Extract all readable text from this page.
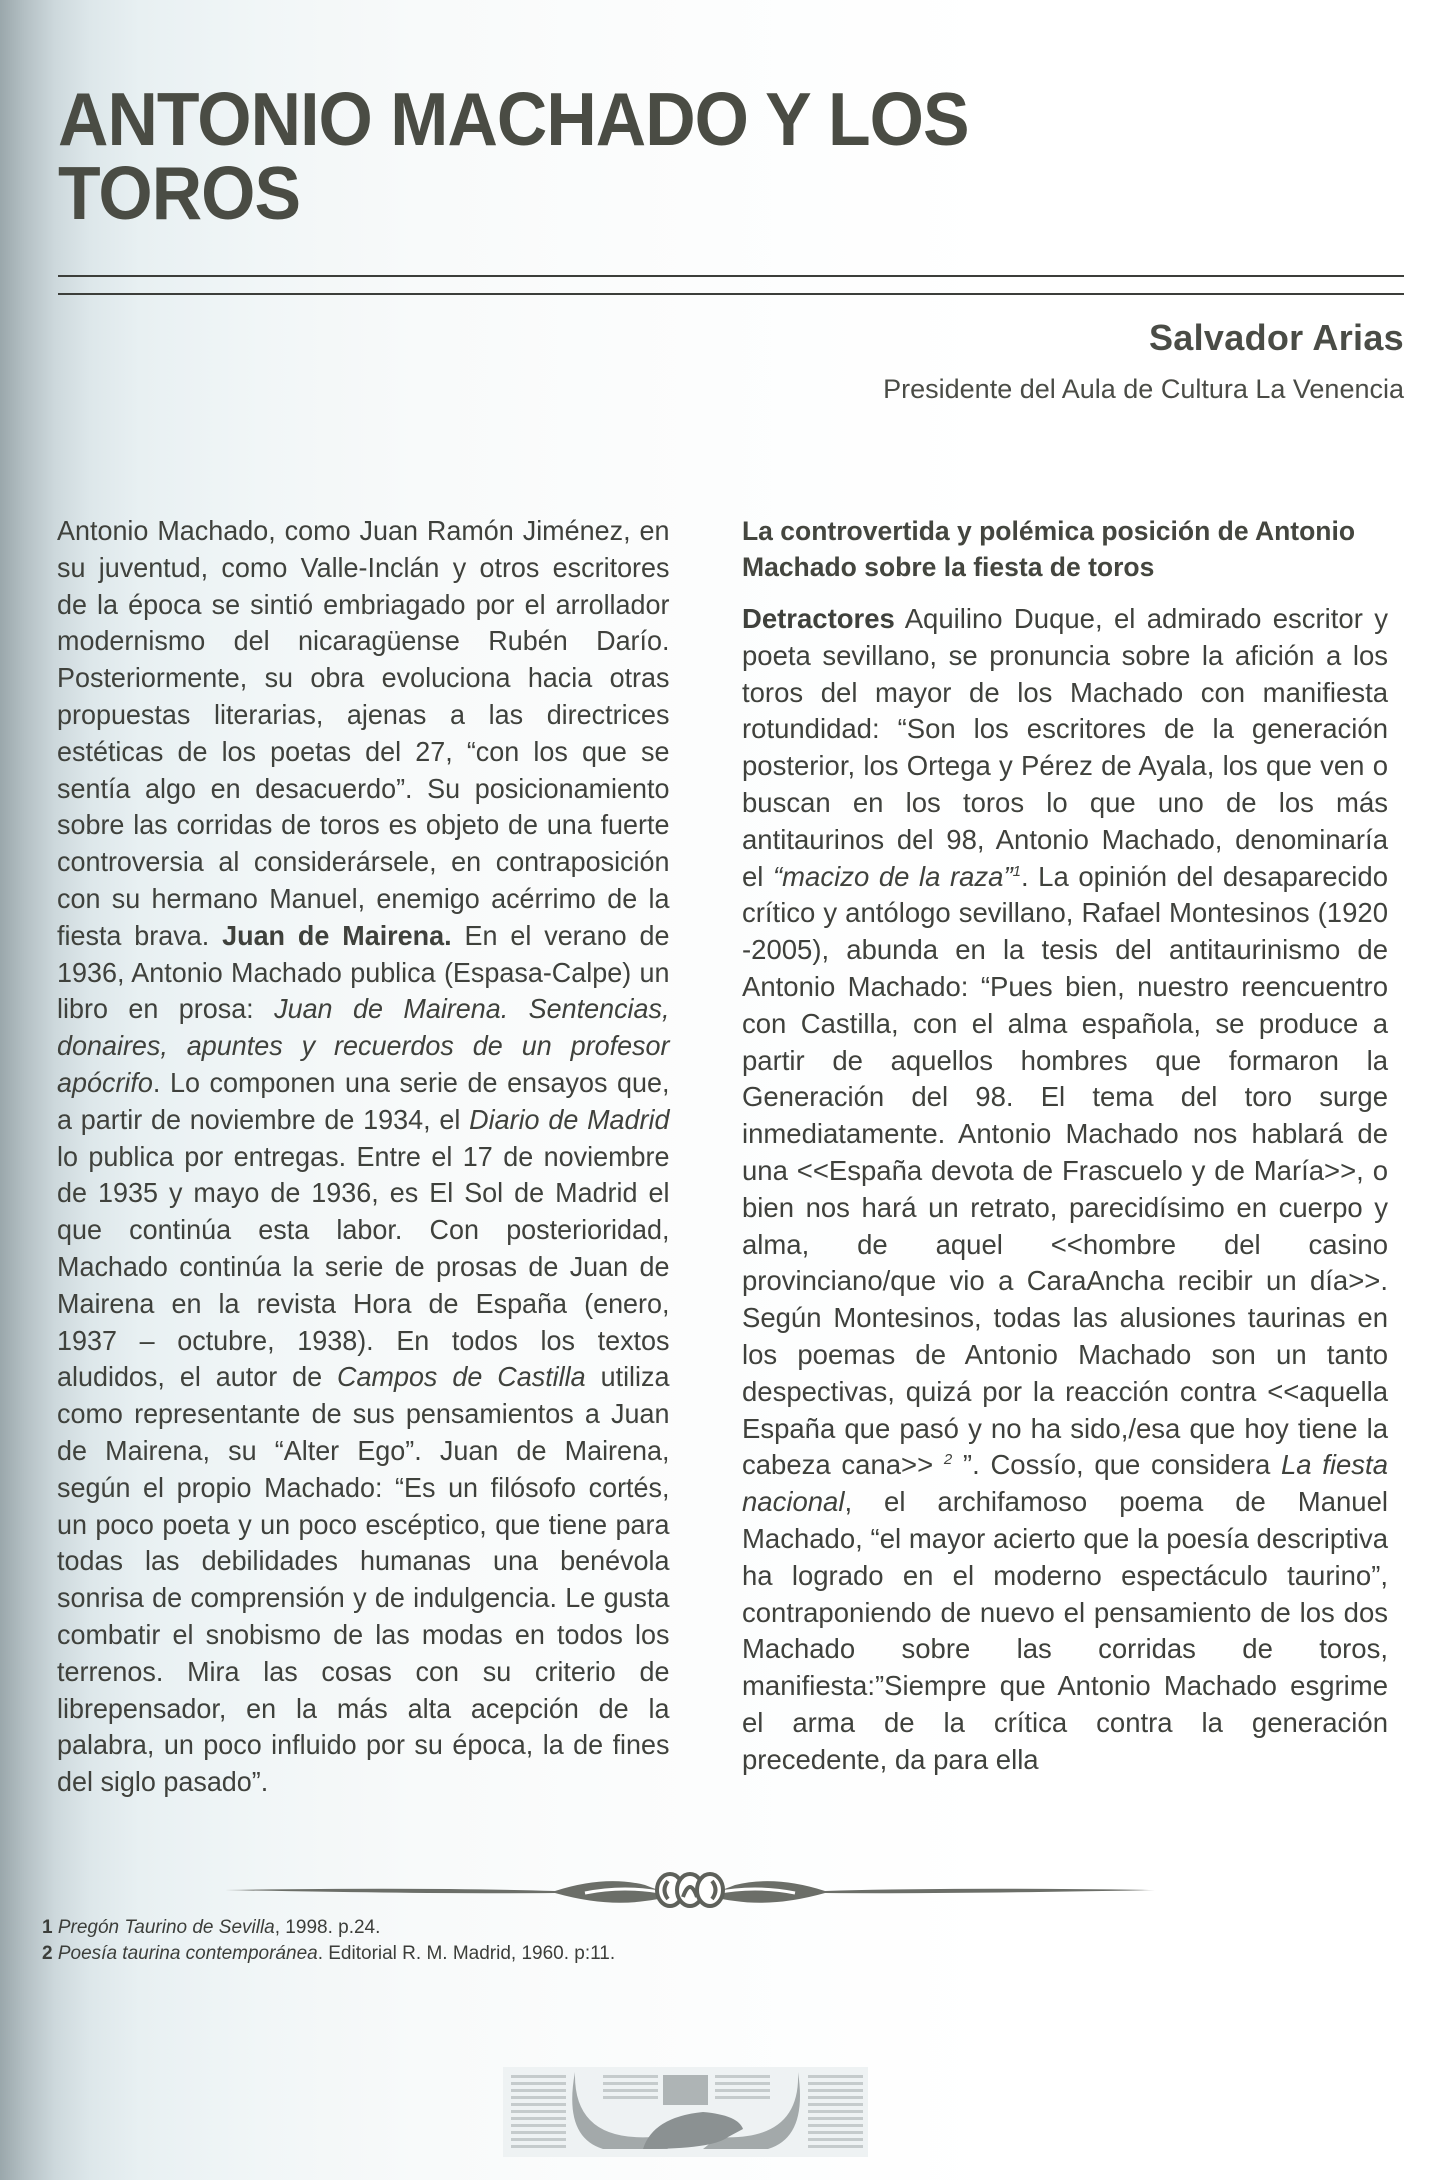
ANTONIO MACHADO Y LOS
TOROS

Salvador Arias

Presidente del Aula de Cultura La Venencia

Antonio Machado, como Juan Ramón Jiménez, en su juventud, como Valle-Inclán y otros escritores de la época se sintió embriagado por el arrollador modernismo del nicaragüense Rubén Darío. Posteriormente, su obra evoluciona hacia otras propuestas literarias, ajenas a las directrices estéticas de los poetas del 27, “con los que se sentía algo en desacuerdo”. Su posicionamiento sobre las corridas de toros es objeto de una fuerte controversia al considerársele, en contraposición con su hermano Manuel, enemigo acérrimo de la fiesta brava. Juan de Mairena. En el verano de 1936, Antonio Machado publica (Espasa-Calpe) un libro en prosa: Juan de Mairena. Sentencias, donaires, apuntes y recuerdos de un profesor apócrifo. Lo componen una serie de ensayos que, a partir de noviembre de 1934, el Diario de Madrid lo publica por entregas. Entre el 17 de noviembre de 1935 y mayo de 1936, es El Sol de Madrid el que continúa esta labor. Con posterioridad, Machado continúa la serie de prosas de Juan de Mairena en la revista Hora de España (enero, 1937 – octubre, 1938). En todos los textos aludidos, el autor de Campos de Castilla utiliza como representante de sus pensamientos a Juan de Mairena, su “Alter Ego”. Juan de Mairena, según el propio Machado: “Es un filósofo cortés, un poco poeta y un poco escéptico, que tiene para todas las debilidades humanas una benévola sonrisa de comprensión y de indulgencia. Le gusta combatir el snobismo de las modas en todos los terrenos. Mira las cosas con su criterio de librepensador, en la más alta acepción de la palabra, un poco influido por su época, la de fines del siglo pasado”.

La controvertida y polémica posición de Antonio Machado sobre la fiesta de toros

Detractores Aquilino Duque, el admirado escritor y poeta sevillano, se pronuncia sobre la afición a los toros del mayor de los Machado con manifiesta rotundidad: “Son los escritores de la generación posterior, los Ortega y Pérez de Ayala, los que ven o buscan en los toros lo que uno de los más antitaurinos del 98, Antonio Machado, denominaría el “macizo de la raza”$^1$. La opinión del desaparecido crítico y antólogo sevillano, Rafael Montesinos (1920 -2005), abunda en la tesis del antitaurinismo de Antonio Machado: “Pues bien, nuestro reencuentro con Castilla, con el alma española, se produce a partir de aquellos hombres que formaron la Generación del 98. El tema del toro surge inmediatamente. Antonio Machado nos hablará de una <<España devota de Frascuelo y de María>>, o bien nos hará un retrato, parecidísimo en cuerpo y alma, de aquel <<hombre del casino provinciano/que vio a CaraAncha recibir un día>>. Según Montesinos, todas las alusiones taurinas en los poemas de Antonio Machado son un tanto despectivas, quizá por la reacción contra <<aquella España que pasó y no ha sido,/esa que hoy tiene la cabeza cana>> $^2$ ”. Cossío, que considera La fiesta nacional, el archifamoso poema de Manuel Machado, “el mayor acierto que la poesía descriptiva ha logrado en el moderno espectáculo taurino”, contraponiendo de nuevo el pensamiento de los dos Machado sobre las corridas de toros, manifiesta:”Siempre que Antonio Machado esgrime el arma de la crítica contra la generación precedente, da para ella

1 Pregón Taurino de Sevilla, 1998. p.24.

2 Poesía taurina contemporánea. Editorial R. M. Madrid, 1960. p:11.
